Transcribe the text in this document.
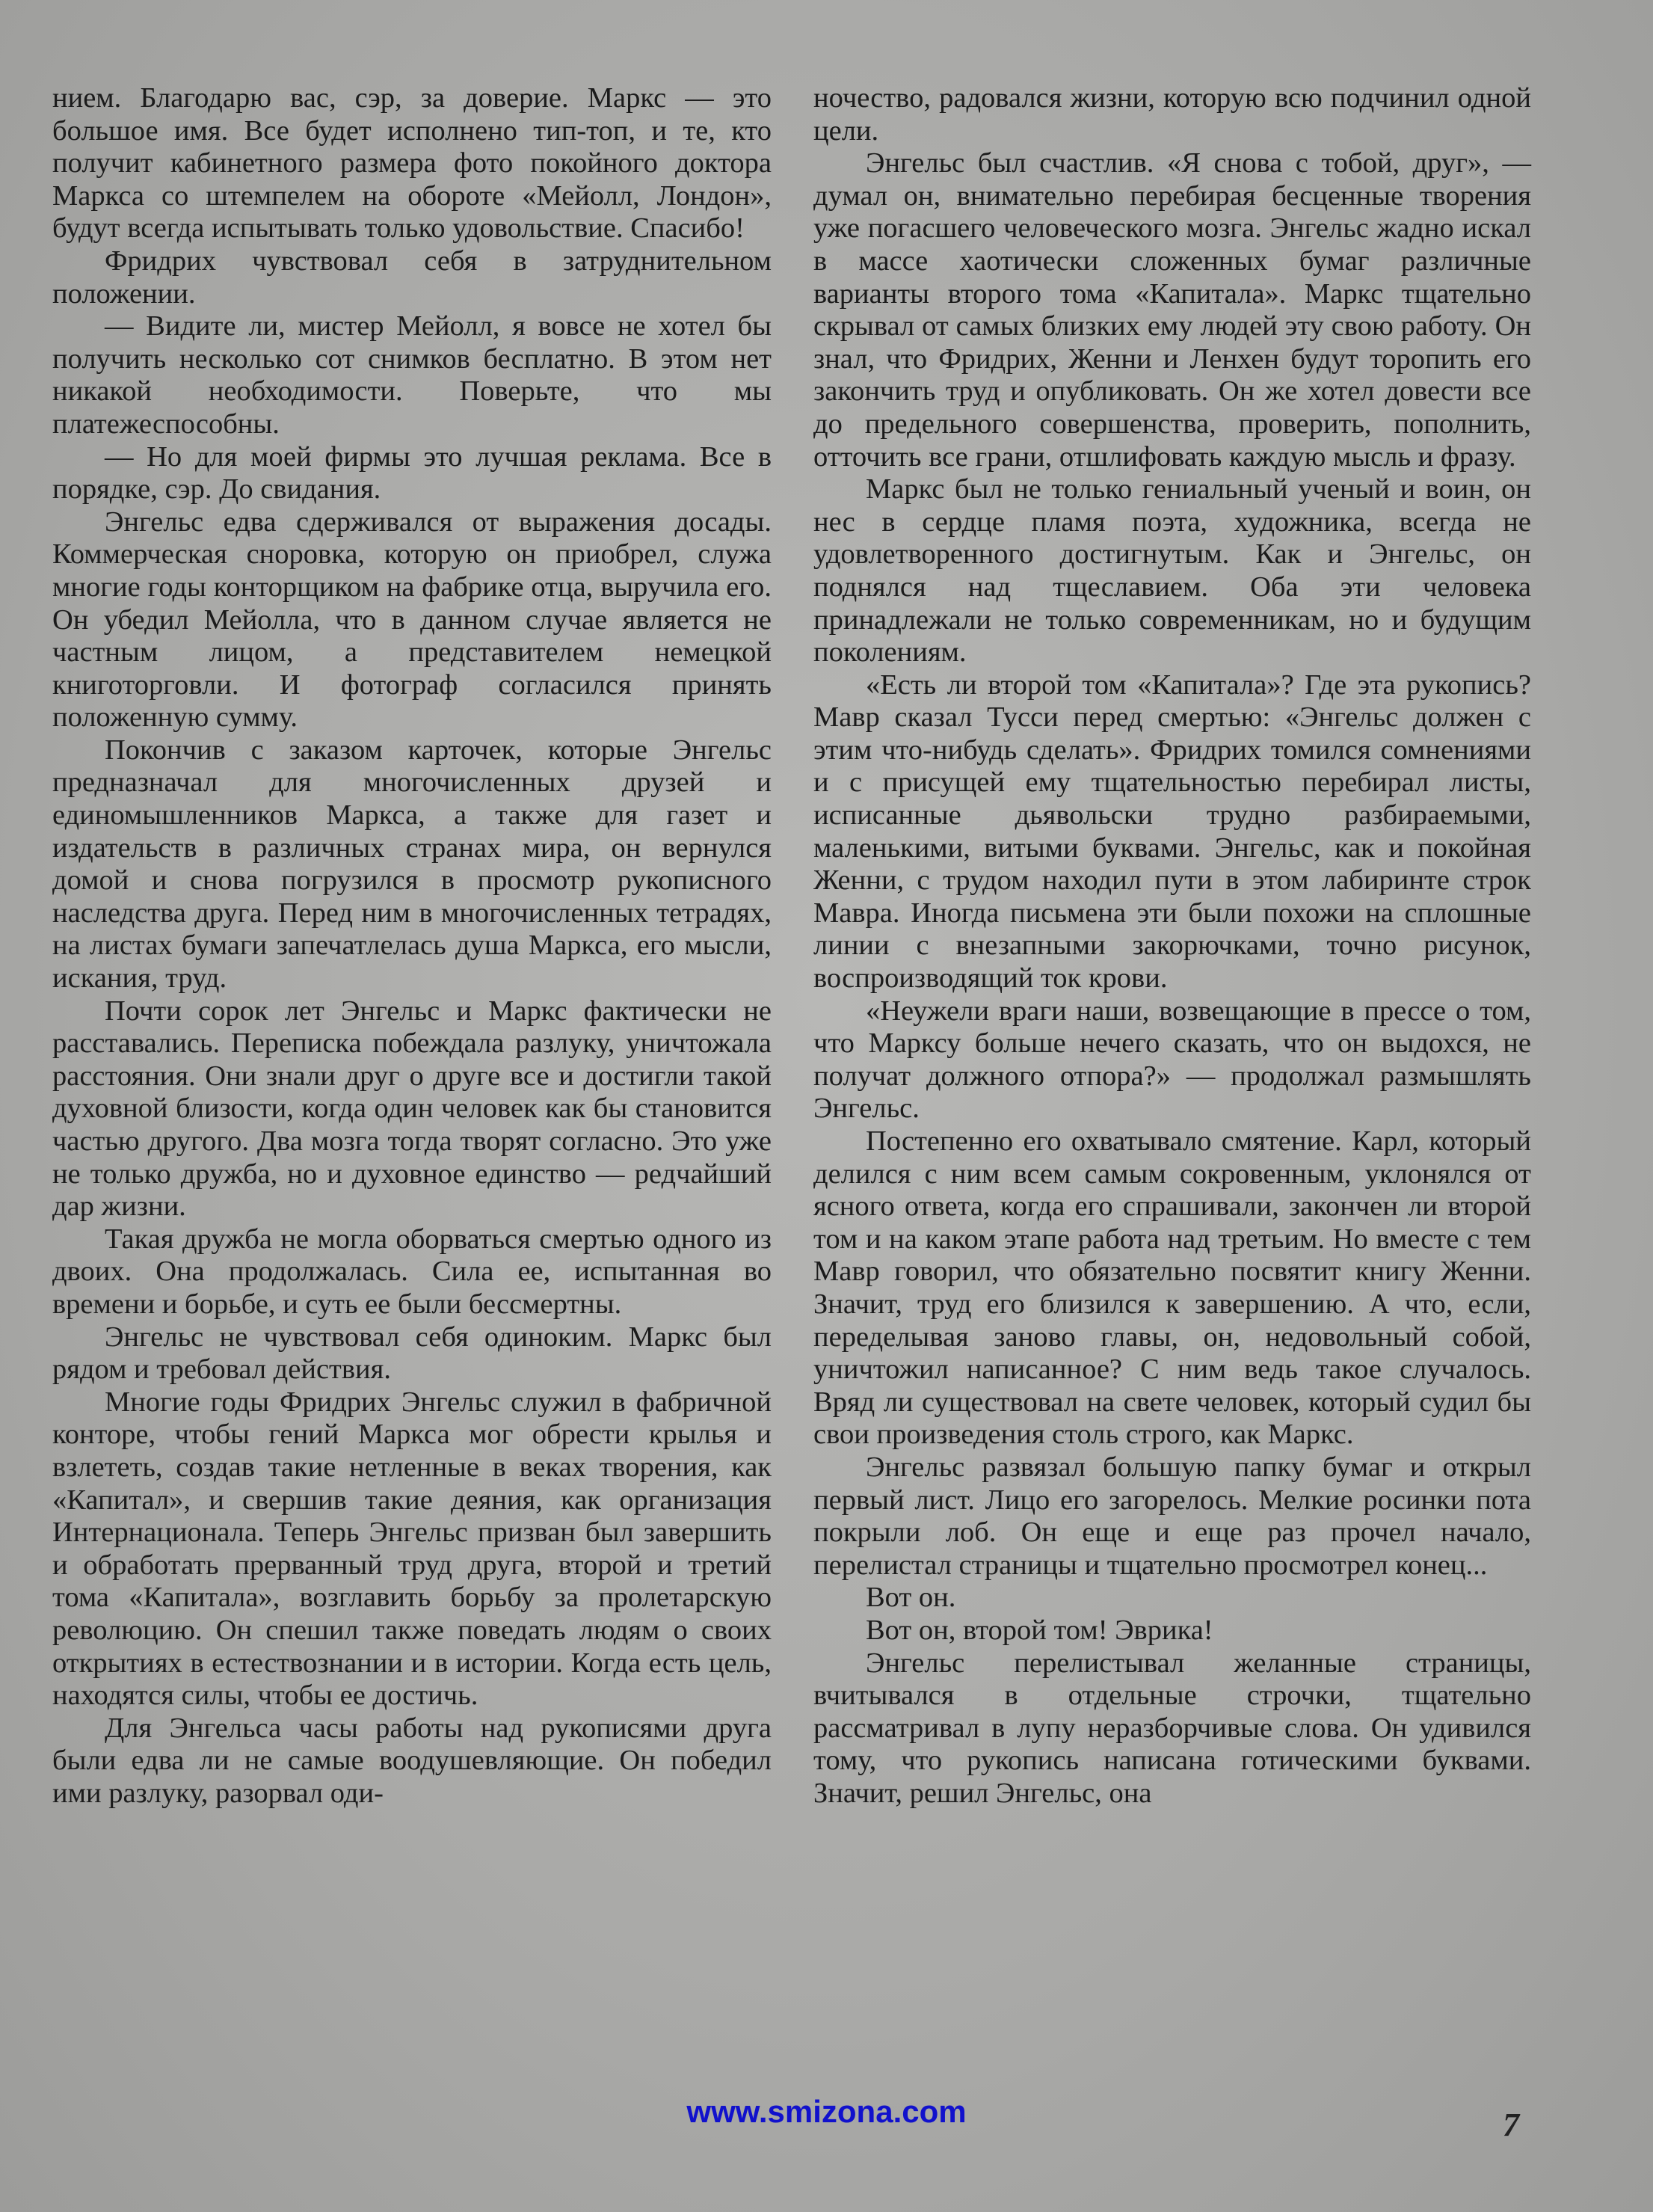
нием. Благодарю вас, сэр, за доверие. Маркс — это большое имя. Все будет исполнено тип-топ, и те, кто получит кабинетного размера фото покойного доктора Маркса со штемпелем на обороте «Мейолл, Лондон», будут всегда испытывать только удовольствие. Спасибо!

Фридрих чувствовал себя в затруднительном положении.

— Видите ли, мистер Мейолл, я вовсе не хотел бы получить несколько сот снимков бесплатно. В этом нет никакой необходимости. Поверьте, что мы платежеспособны.

— Но для моей фирмы это лучшая реклама. Все в порядке, сэр. До свидания.

Энгельс едва сдерживался от выражения досады. Коммерческая сноровка, которую он приобрел, служа многие годы конторщиком на фабрике отца, выручила его. Он убедил Мейолла, что в данном случае является не частным лицом, а представителем немецкой книготорговли. И фотограф согласился принять положенную сумму.

Покончив с заказом карточек, которые Энгельс предназначал для многочисленных друзей и единомышленников Маркса, а также для газет и издательств в различных странах мира, он вернулся домой и снова погрузился в просмотр рукописного наследства друга. Перед ним в многочисленных тетрадях, на листах бумаги запечатлелась душа Маркса, его мысли, искания, труд.

Почти сорок лет Энгельс и Маркс фактически не расставались. Переписка побеждала разлуку, уничтожала расстояния. Они знали друг о друге все и достигли такой духовной близости, когда один человек как бы становится частью другого. Два мозга тогда творят согласно. Это уже не только дружба, но и духовное единство — редчайший дар жизни.

Такая дружба не могла оборваться смертью одного из двоих. Она продолжалась. Сила ее, испытанная во времени и борьбе, и суть ее были бессмертны.

Энгельс не чувствовал себя одиноким. Маркс был рядом и требовал действия.

Многие годы Фридрих Энгельс служил в фабричной конторе, чтобы гений Маркса мог обрести крылья и взлететь, создав такие нетленные в веках творения, как «Капитал», и свершив такие деяния, как организация Интернационала. Теперь Энгельс призван был завершить и обработать прерванный труд друга, второй и третий тома «Капитала», возглавить борьбу за пролетарскую революцию. Он спешил также поведать людям о своих открытиях в естествознании и в истории. Когда есть цель, находятся силы, чтобы ее достичь.

Для Энгельса часы работы над рукописями друга были едва ли не самые воодушевляющие. Он победил ими разлуку, разорвал оди-

ночество, радовался жизни, которую всю подчинил одной цели.

Энгельс был счастлив. «Я снова с тобой, друг», — думал он, внимательно перебирая бесценные творения уже погасшего человеческого мозга. Энгельс жадно искал в массе хаотически сложенных бумаг различные варианты второго тома «Капитала». Маркс тщательно скрывал от самых близких ему людей эту свою работу. Он знал, что Фридрих, Женни и Ленхен будут торопить его закончить труд и опубликовать. Он же хотел довести все до предельного совершенства, проверить, пополнить, отточить все грани, отшлифовать каждую мысль и фразу.

Маркс был не только гениальный ученый и воин, он нес в сердце пламя поэта, художника, всегда не удовлетворенного достигнутым. Как и Энгельс, он поднялся над тщеславием. Оба эти человека принадлежали не только современникам, но и будущим поколениям.

«Есть ли второй том «Капитала»? Где эта рукопись? Мавр сказал Тусси перед смертью: «Энгельс должен с этим что-нибудь сделать». Фридрих томился сомнениями и с присущей ему тщательностью перебирал листы, исписанные дьявольски трудно разбираемыми, маленькими, витыми буквами. Энгельс, как и покойная Женни, с трудом находил пути в этом лабиринте строк Мавра. Иногда письмена эти были похожи на сплошные линии с внезапными закорючками, точно рисунок, воспроизводящий ток крови.

«Неужели враги наши, возвещающие в прессе о том, что Марксу больше нечего сказать, что он выдохся, не получат должного отпора?» — продолжал размышлять Энгельс.

Постепенно его охватывало смятение. Карл, который делился с ним всем самым сокровенным, уклонялся от ясного ответа, когда его спрашивали, закончен ли второй том и на каком этапе работа над третьим. Но вместе с тем Мавр говорил, что обязательно посвятит книгу Женни. Значит, труд его близился к завершению. А что, если, переделывая заново главы, он, недовольный собой, уничтожил написанное? С ним ведь такое случалось. Вряд ли существовал на свете человек, который судил бы свои произведения столь строго, как Маркс.

Энгельс развязал большую папку бумаг и открыл первый лист. Лицо его загорелось. Мелкие росинки пота покрыли лоб. Он еще и еще раз прочел начало, перелистал страницы и тщательно просмотрел конец...

Вот он.

Вот он, второй том! Эврика!

Энгельс перелистывал желанные страницы, вчитывался в отдельные строчки, тщательно рассматривал в лупу неразборчивые слова. Он удивился тому, что рукопись написана готическими буквами. Значит, решил Энгельс, она

www.smizona.com	7
